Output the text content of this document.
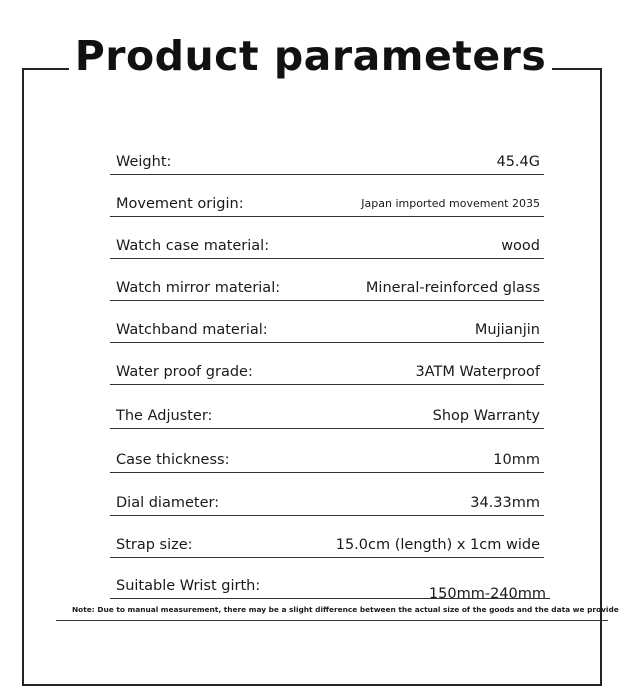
Product parameters
Weight:	45.4G
Movement origin:	Japan imported movement 2035
Watch case material:	wood
Watch mirror material:	Mineral-reinforced glass
Watchband material:	Mujianjin
Water proof grade:	3ATM Waterproof
The Adjuster:	Shop Warranty
Case thickness:	10mm
Dial diameter:	34.33mm
Strap size:	15.0cm (length) x 1cm wide
Suitable Wrist girth:	150mm-240mm
Note: Due to manual measurement, there may be a slight difference between the actual size of the goods and the data we provide
